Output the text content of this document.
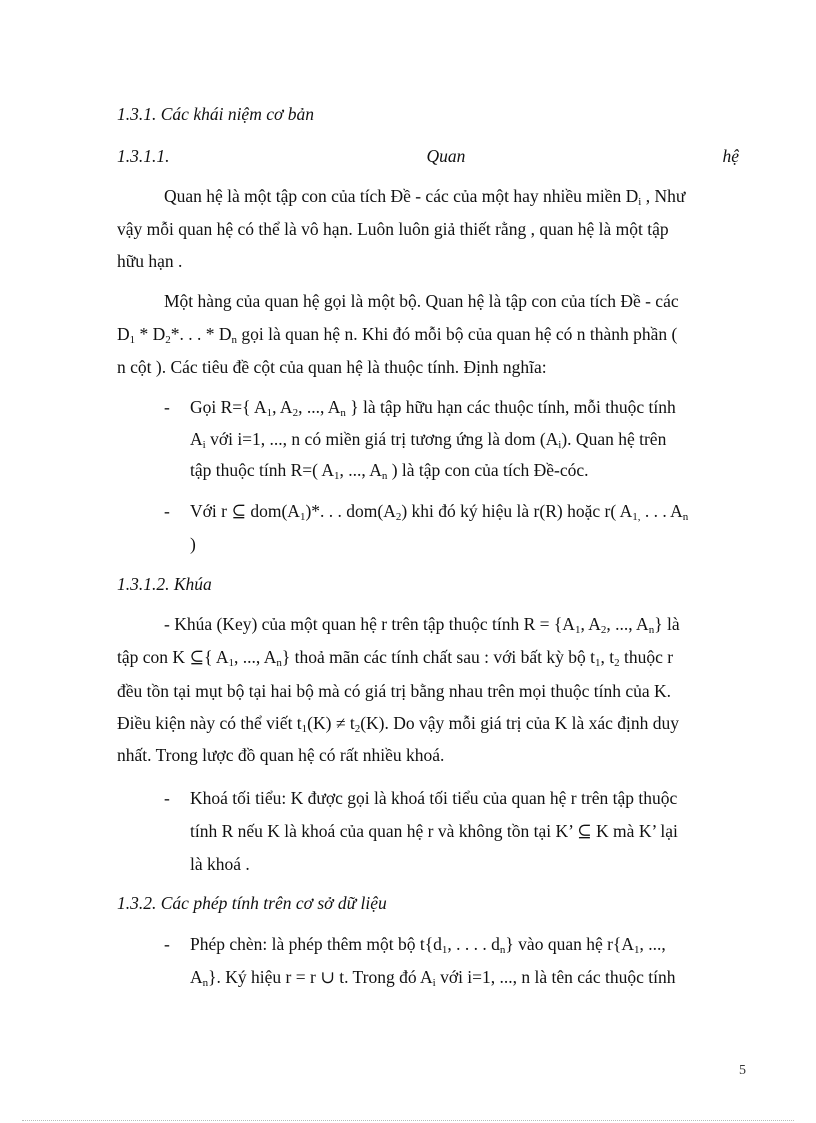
1.3.1. Các khái niệm cơ bản
1.3.1.1.	Quan	hệ
Quan hệ là một tập con của tích Đề - các của một hay nhiều miền $D_i$ , Như
vậy mỗi quan hệ có thể là vô hạn. Luôn luôn giả thiết rằng , quan hệ là một tập
hữu hạn .
Một hàng của quan hệ gọi là một bộ. Quan hệ là tập con của tích Đề - các
$D_1 * D_2*$. . . * $D_n$ gọi là quan hệ n. Khi đó mỗi bộ của quan hệ có n thành phần (
n cột ). Các tiêu đề cột của quan hệ là thuộc tính. Định nghĩa:
- Gọi R={ $A_1$, $A_2$, ..., $A_n$ } là tập hữu hạn các thuộc tính, mỗi thuộc tính
$A_i$ với i=1, ..., n có miền giá trị tương ứng là dom $(A_i)$. Quan hệ trên
tập thuộc tính R=( $A_1$, ..., $A_n$ ) là tập con của tích Đề-cóc.
- Với r ⊆ $dom(A_1)*$. . . $dom(A_2)$ khi đó ký hiệu là r(R) hoặc r( $A_{1,}$ . . . $A_n$
)
1.3.1.2. Khúa
- Khúa (Key) của một quan hệ r trên tập thuộc tính $R = \{A_1$, $A_2$, ..., $A_n$} là
tập con K ⊆{ $A_1$, ..., $A_n$} thoả mãn các tính chất sau : với bất kỳ bộ $t_1$, $t_2$ thuộc r
đều tồn tại mụt bộ tại hai bộ mà có giá trị bằng nhau trên mọi thuộc tính của K.
Điều kiện này có thể viết $t_1(K) \ne t_2(K)$. Do vậy mỗi giá trị của K là xác định duy
nhất. Trong lược đồ quan hệ có rất nhiều khoá.
- Khoá tối tiểu: K được gọi là khoá tối tiểu của quan hệ r trên tập thuộc
tính R nếu K là khoá của quan hệ r và không tồn tại K’ ⊆ K mà K’ lại
là khoá .
1.3.2. Các phép tính trên cơ sở dữ liệu
- Phép chèn: là phép thêm một bộ $t\{d_1$, . . . . $d_n$} vào quan hệ $r\{A_1$, ...,
$A_n$}. Ký hiệu r = r ∪ t. Trong đó $A_i$ với i=1, ..., n là tên các thuộc tính
5
